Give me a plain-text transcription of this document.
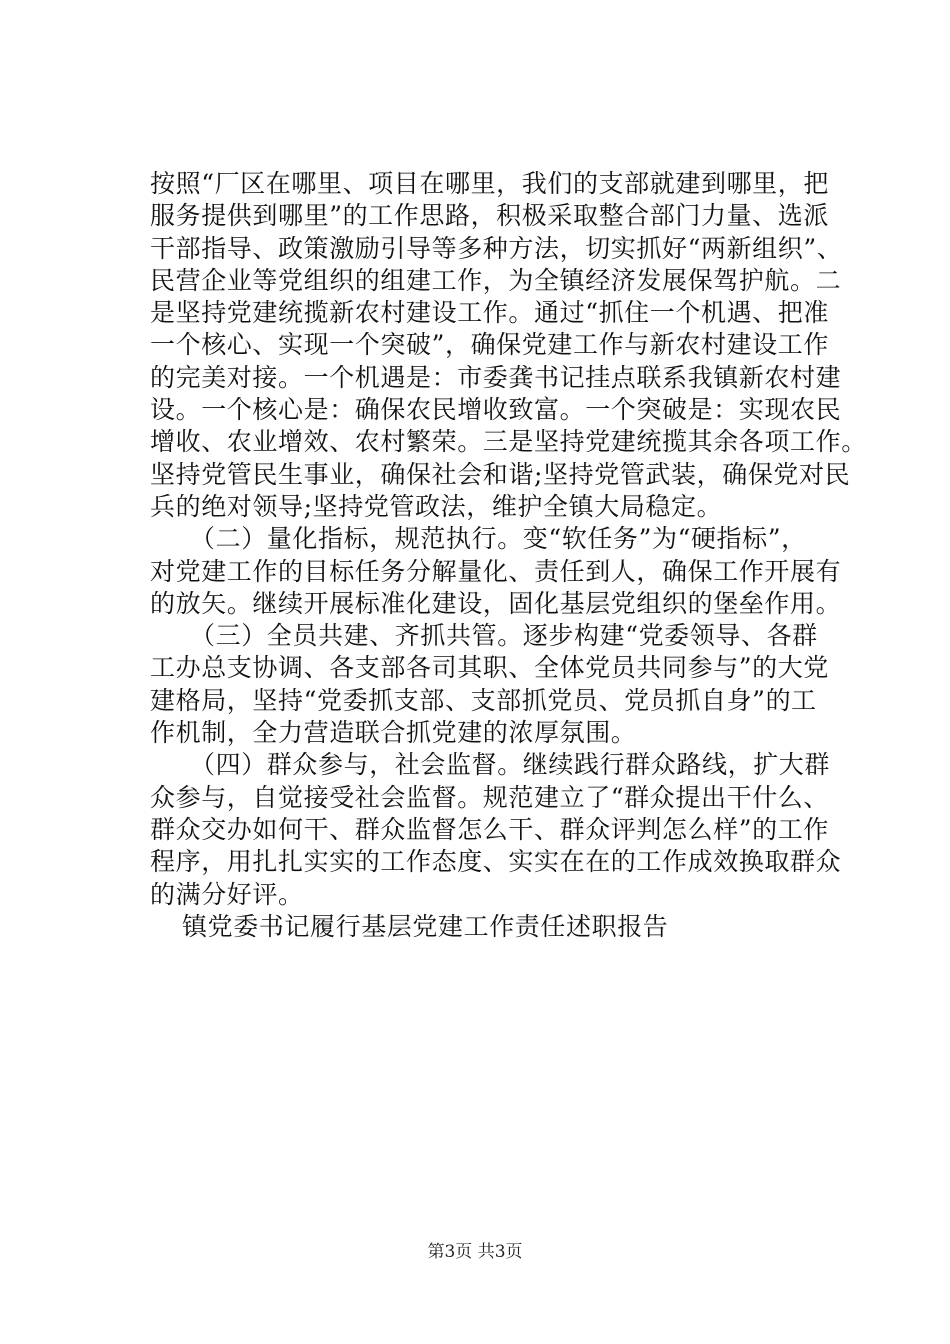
按照“厂区在哪里、项目在哪里，我们的支部就建到哪里，把
服务提供到哪里”的工作思路，积极采取整合部门力量、选派
干部指导、政策激励引导等多种方法，切实抓好“两新组织”、
民营企业等党组织的组建工作，为全镇经济发展保驾护航。二
是坚持党建统揽新农村建设工作。通过“抓住一个机遇、把准
一个核心、实现一个突破”，确保党建工作与新农村建设工作
的完美对接。一个机遇是：市委龚书记挂点联系我镇新农村建
设。一个核心是：确保农民增收致富。一个突破是：实现农民
增收、农业增效、农村繁荣。三是坚持党建统揽其余各项工作。
坚持党管民生事业，确保社会和谐;坚持党管武装，确保党对民
兵的绝对领导;坚持党管政法，维护全镇大局稳定。
（二）量化指标，规范执行。变“软任务”为“硬指标”，
对党建工作的目标任务分解量化、责任到人，确保工作开展有
的放矢。继续开展标准化建设，固化基层党组织的堡垒作用。
（三）全员共建、齐抓共管。逐步构建“党委领导、各群
工办总支协调、各支部各司其职、全体党员共同参与”的大党
建格局，坚持“党委抓支部、支部抓党员、党员抓自身”的工
作机制，全力营造联合抓党建的浓厚氛围。
（四）群众参与，社会监督。继续践行群众路线，扩大群
众参与，自觉接受社会监督。规范建立了“群众提出干什么、
群众交办如何干、群众监督怎么干、群众评判怎么样”的工作
程序，用扎扎实实的工作态度、实实在在的工作成效换取群众
的满分好评。
镇党委书记履行基层党建工作责任述职报告
第3页 共3页
